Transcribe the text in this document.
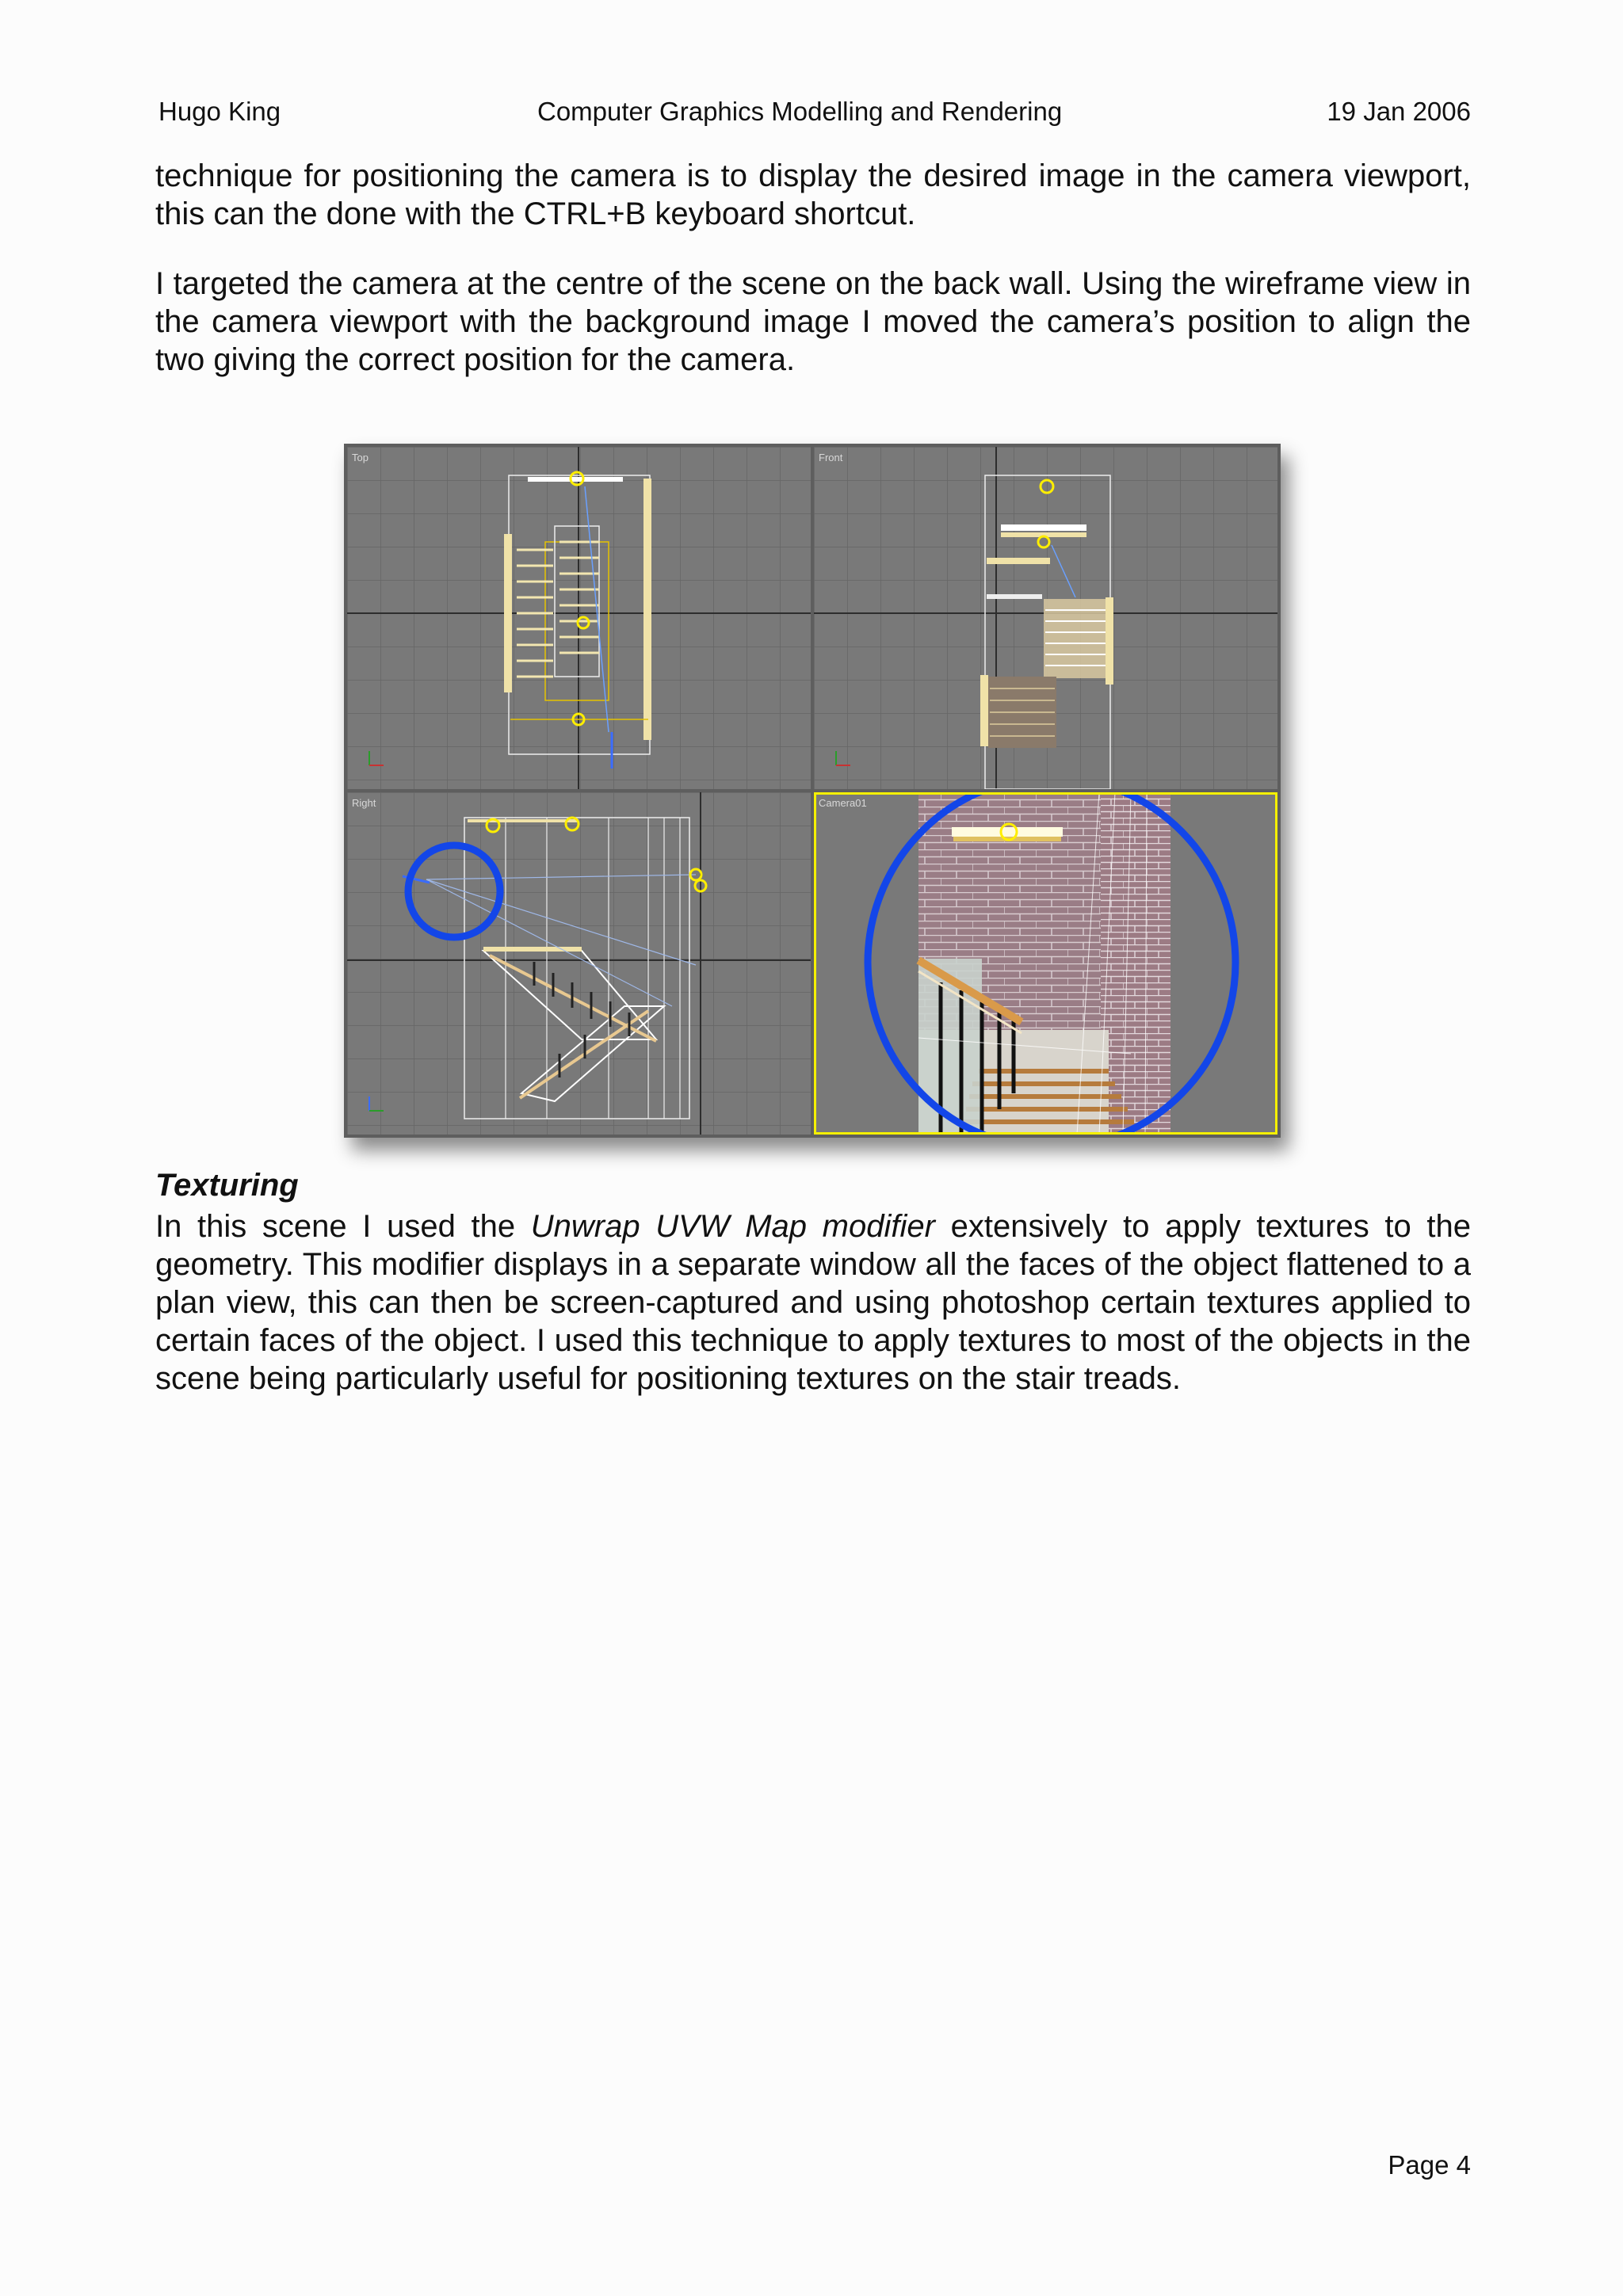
Hugo King	Computer Graphics Modelling and Rendering	19 Jan 2006

technique for positioning the camera is to display the desired image in the camera viewport, this can the done with the CTRL+B keyboard shortcut.

I targeted the camera at the centre of the scene on the back wall. Using the wireframe view in the camera viewport with the background image I moved the camera’s position to align the two giving the correct position for the camera.

Top	Front
Right	Camera01
Texturing

In this scene I used the Unwrap UVW Map modifier extensively to apply textures to the geometry. This modifier displays in a separate window all the faces of the object flattened to a plan view, this can then be screen-captured and using photoshop certain textures applied to certain faces of the object. I used this technique to apply textures to most of the objects in the scene being particularly useful for positioning textures on the stair treads.

Page 4
